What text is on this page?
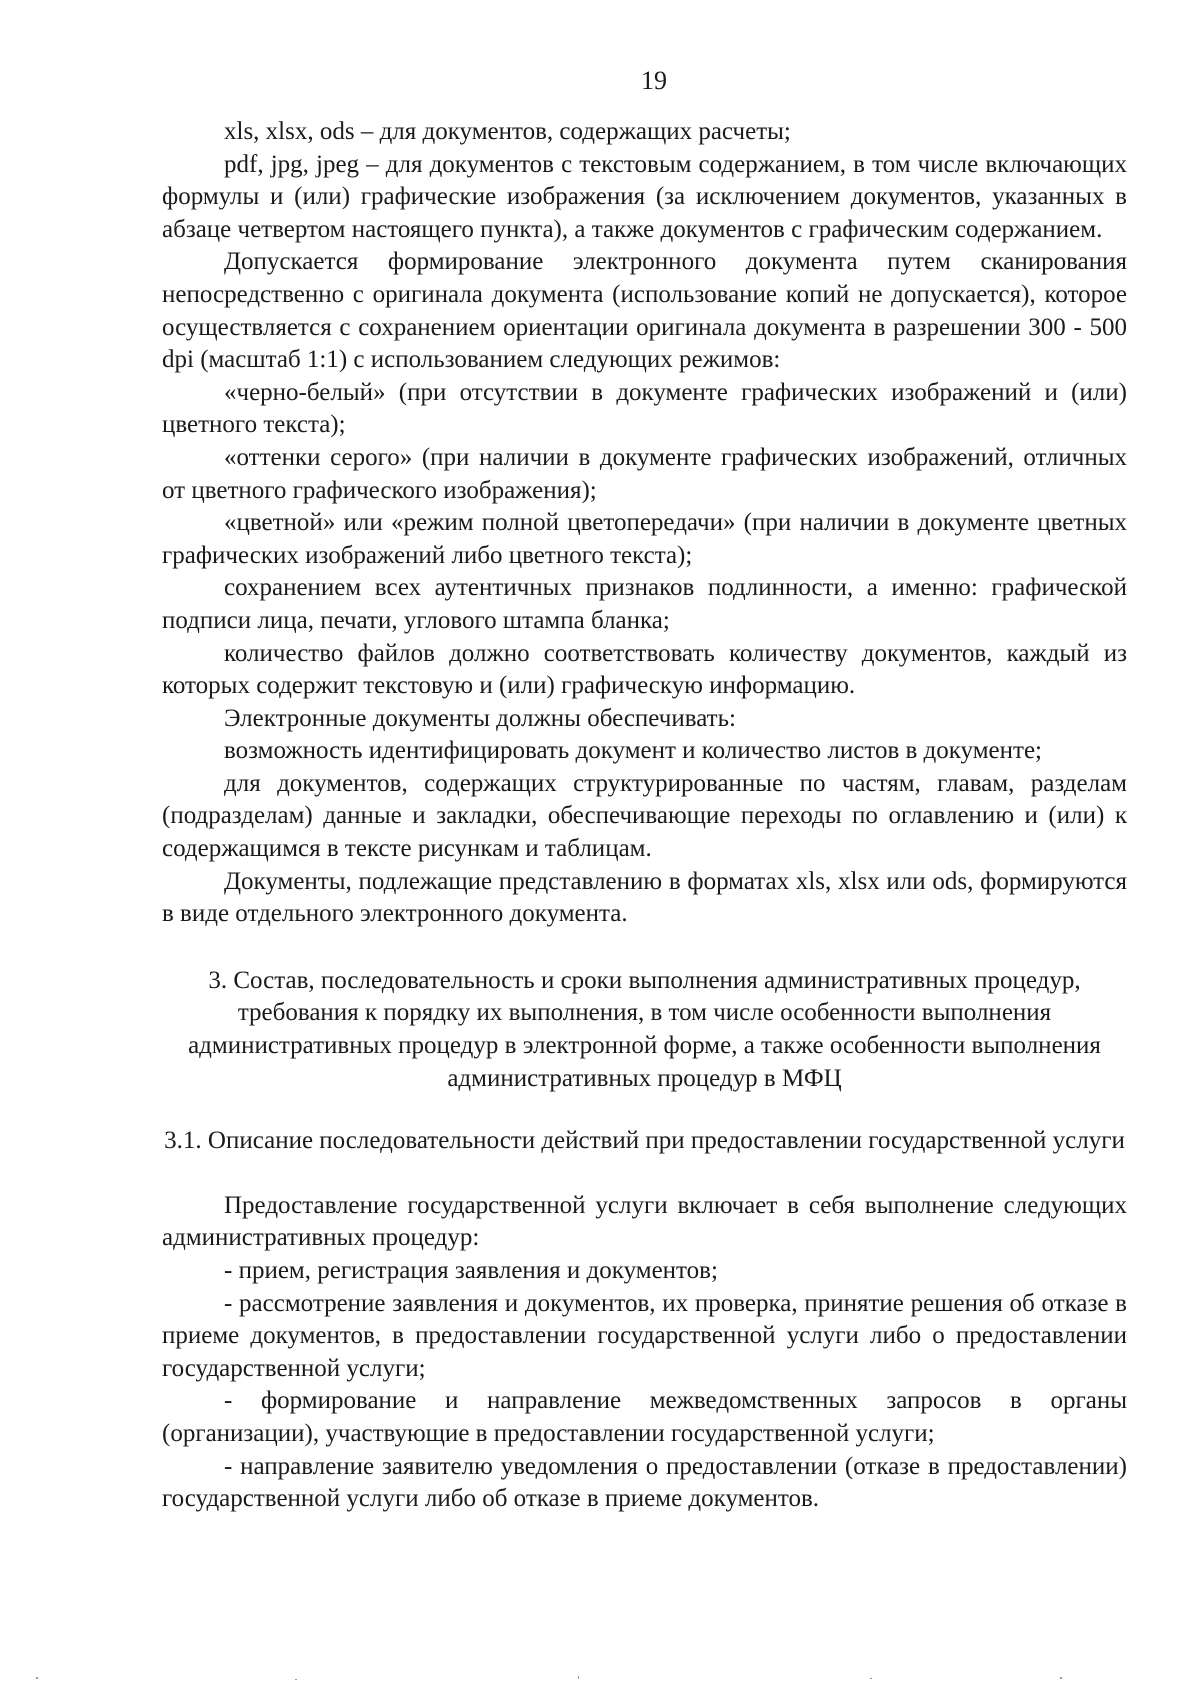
19

xls, xlsx, ods – для документов, содержащих расчеты;

pdf, jpg, jpeg – для документов с текстовым содержанием, в том числе включающих формулы и (или) графические изображения (за исключением документов, указанных в абзаце четвертом настоящего пункта), а также документов с графическим содержанием.

Допускается формирование электронного документа путем сканирования непосредственно с оригинала документа (использование копий не допускается), которое осуществляется с сохранением ориентации оригинала документа в разрешении 300 - 500 dpi (масштаб 1:1) с использованием следующих режимов:

«черно-белый» (при отсутствии в документе графических изображений и (или) цветного текста);

«оттенки серого» (при наличии в документе графических изображений, отличных от цветного графического изображения);

«цветной» или «режим полной цветопередачи» (при наличии в документе цветных графических изображений либо цветного текста);

сохранением всех аутентичных признаков подлинности, а именно: графической подписи лица, печати, углового штампа бланка;

количество файлов должно соответствовать количеству документов, каждый из которых содержит текстовую и (или) графическую информацию.

Электронные документы должны обеспечивать:

возможность идентифицировать документ и количество листов в документе;

для документов, содержащих структурированные по частям, главам, разделам (подразделам) данные и закладки, обеспечивающие переходы по оглавлению и (или) к содержащимся в тексте рисункам и таблицам.

Документы, подлежащие представлению в форматах xls, xlsx или ods, формируются в виде отдельного электронного документа.

3. Состав, последовательность и сроки выполнения административных процедур, требования к порядку их выполнения, в том числе особенности выполнения административных процедур в электронной форме, а также особенности выполнения административных процедур в МФЦ

3.1. Описание последовательности действий при предоставлении государственной услуги

Предоставление государственной услуги включает в себя выполнение следующих административных процедур:

- прием, регистрация заявления и документов;

- рассмотрение заявления и документов, их проверка, принятие решения об отказе в приеме документов, в предоставлении государственной услуги либо о предоставлении государственной услуги;

- формирование и направление межведомственных запросов в органы (организации), участвующие в предоставлении государственной услуги;

- направление заявителю уведомления о предоставлении (отказе в предоставлении) государственной услуги либо об отказе в приеме документов.
